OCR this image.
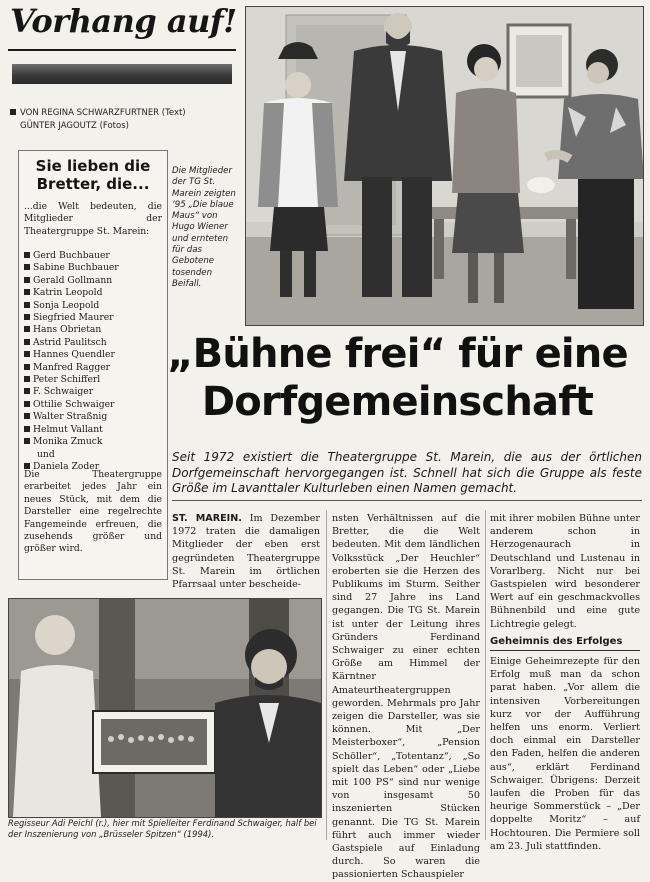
Vorhang auf!
VON REGINA SCHWARZFURTNER (Text)
GÜNTER JAGOUTZ (Fotos)
Sie lieben die
Bretter, die...
...die Welt bedeuten, die Mitglieder der Theatergruppe St. Marein:
Gerd Buchbauer
Sabine Buchbauer
Gerald Gollmann
Katrin Leopold
Sonja Leopold
Siegfried Maurer
Hans Obrietan
Astrid Paulitsch
Hannes Quendler
Manfred Ragger
Peter Schifferl
F. Schwaiger
Ottilie Schwaiger
Walter Straßnig
Helmut Vallant
Monika Zmuck
und
Daniela Zoder
Die Theatergruppe erarbeitet jedes Jahr ein neues Stück, mit dem die Darsteller eine regelrechte Fangemeinde erfreuen, die zusehends größer und größer wird.
Die Mitglieder der TG St. Marein zeigten ’95 „Die blaue Maus“ von Hugo Wiener und ernteten für das Gebotene tosenden Beifall.
„Bühne frei“ für eine
Dorfgemeinschaft
Seit 1972 existiert die Theatergruppe St. Marein, die aus der örtlichen Dorfgemeinschaft hervorgegangen ist. Schnell hat sich die Gruppe als feste Größe im Lavanttaler Kulturleben einen Namen gemacht.
ST. MAREIN. Im Dezember 1972 traten die damaligen Mitglieder der eben erst gegründeten Theatergruppe St. Marein im örtlichen Pfarrsaal unter bescheide-
nsten Verhältnissen auf die Bretter, die die Welt bedeuten. Mit dem ländlichen Volksstück „Der Heuchler“ eroberten sie die Herzen des Publikums im Sturm. Seither sind 27 Jahre ins Land gegangen. Die TG St. Marein ist unter der Leitung ihres Gründers Ferdinand Schwaiger zu einer echten Größe am Himmel der Kärntner Amateurtheatergruppen geworden. Mehrmals pro Jahr zeigen die Darsteller, was sie können. Mit „Der Meisterboxer“, „Pension Schöller“, „Totentanz“, „So spielt das Leben“ oder „Liebe mit 100 PS“ sind nur wenige von insgesamt 50 inszenierten Stücken genannt. Die TG St. Marein führt auch immer wieder Gastspiele auf Einladung durch. So waren die passionierten Schauspieler
mit ihrer mobilen Bühne unter anderem schon in Herzogenaurach in Deutschland und Lustenau in Vorarlberg. Nicht nur bei Gastspielen wird besonderer Wert auf ein geschmackvolles Bühnenbild und eine gute Lichtregie gelegt.
Geheimnis des Erfolges
Einige Geheimrezepte für den Erfolg muß man da schon parat haben. „Vor allem die intensiven Vorbereitungen kurz vor der Aufführung helfen uns enorm. Verliert doch einmal ein Darsteller den Faden, helfen die anderen aus“, erklärt Ferdinand Schwaiger. Übrigens: Derzeit laufen die Proben für das heurige Sommerstück – „Der doppelte Moritz“ – auf Hochtouren. Die Permiere soll am 23. Juli stattfinden.
Regisseur Adi Peichl (r.), hier mit Spielleiter Ferdinand Schwaiger, half bei der Inszenierung von „Brüsseler Spitzen“ (1994).
